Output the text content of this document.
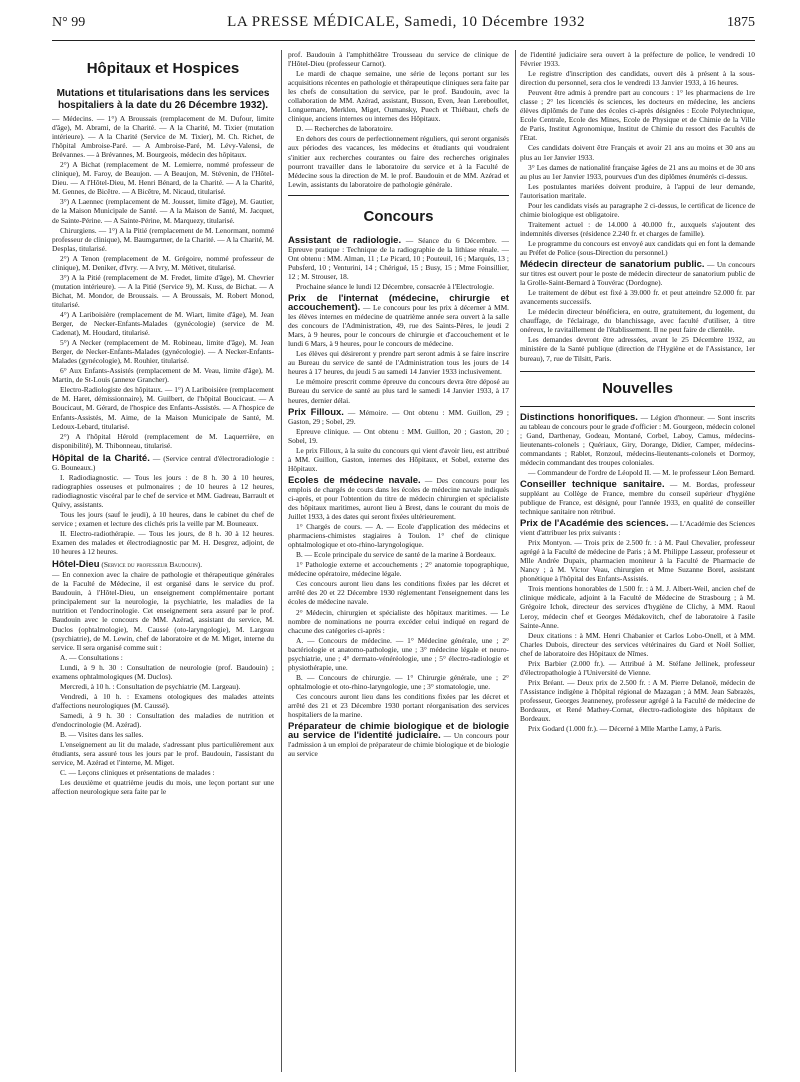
N° 99	LA PRESSE MÉDICALE, Samedi, 10 Décembre 1932	1875
Hôpitaux et Hospices
Mutations et titularisations dans les services hospitaliers à la date du 26 Décembre 1932).

— Médecins. — 1°) A Broussais (remplacement de M. Dufour, limite d'âge), M. Abrami, de la Charité. — A la Charité, M. Tixier (mutation intérieure). — A la Charité (Service de M. Tixier), M. Ch. Richet, de l'hôpital Ambroise-Paré. — A Ambroise-Paré, M. Lévy-Valensi, de Brévannes. — à Brévannes, M. Bourgeois, médecin des hôpitaux.

2°) A Bichat (remplacement de M. Lemierre, nommé professeur de clinique), M. Faroy, de Beaujon. — A Beaujon, M. Stévenin, de l'Hôtel-Dieu. — A l'Hôtel-Dieu, M. Henri Bénard, de la Charité. — A la Charité, M. Gennes, de Bicêtre. — A Bicêtre, M. Nicaud, titularisé.

3°) A Laennec (remplacement de M. Jousset, limite d'âge), M. Gautier, de la Maison Municipale de Santé. — A la Maison de Santé, M. Jacquet, de Sainte-Périne. — A Sainte-Périne, M. Marquezy, titularisé.

Chirurgiens. — 1°) A la Pitié (remplacement de M. Lenormant, nommé professeur de clinique), M. Baumgartner, de la Charité. — A la Charité, M. Desplas, titularisé.

2°) A Tenon (remplacement de M. Grégoire, nommé professeur de clinique), M. Deniker, d'Ivry. — A Ivry, M. Métivet, titularisé.

3°) A la Pitié (remplacement de M. Fredet, limite d'âge), M. Chevrier (mutation intérieure). — A la Pitié (Service 9), M. Kuss, de Bichat. — A Bichat, M. Mondor, de Broussais. — A Broussais, M. Robert Monod, titularisé.

4°) A Lariboisière (remplacement de M. Wiart, limite d'âge), M. Jean Berger, de Necker-Enfants-Malades (gynécologie) (service de M. Cadenat), M. Houdard, titularisé.

5°) A Necker (remplacement de M. Robineau, limite d'âge), M. Jean Berger, de Necker-Enfants-Malades (gynécologie). — A Necker-Enfants-Malades (gynécologie), M. Rouhier, titularisé.

6° Aux Enfants-Assistés (remplacement de M. Veau, limite d'âge), M. Martin, de St-Louis (annexe Grancher).

Electro-Radiologiste des hôpitaux. — 1°) A Lariboisière (remplacement de M. Haret, démissionnaire), M. Guilbert, de l'hôpital Boucicaut. — A Boucicaut, M. Gérard, de l'hospice des Enfants-Assistés. — A l'hospice de Enfants-Assistés, M. Aime, de la Maison Municipale de Santé, M. Ledoux-Lebard, titularisé.

2°) A l'hôpital Hérold (remplacement de M. Laquerrière, en disponibilité), M. Thibonneau, titularisé.

Hôpital de la Charité. — (Service central d'électroradiologie : G. Bouneaux.)

I. Radiodiagnostic. — Tous les jours : de 8 h. 30 à 10 heures, radiographies osseuses et pulmonaires ; de 10 heures à 12 heures, radiodiagnostic viscéral par le chef de service et MM. Gadreau, Barrault et Quivy, assistants.

Tous les jours (sauf le jeudi), à 10 heures, dans le cabinet du chef de service ; examen et lecture des clichés pris la veille par M. Bouneaux.

II. Electro-radiothérapie. — Tous les jours, de 8 h. 30 à 12 heures. Examen des malades et électrodiagnostic par M. H. Desgrez, adjoint, de 10 heures à 12 heures.

Hôtel-Dieu (Service du professeur Baudouin).

— En connexion avec la chaire de pathologie et thérapeutique générales de la Faculté de Médecine, il est organisé dans le service du prof. Baudouin, à l'Hôtel-Dieu, un enseignement complémentaire portant principalement sur la neurologie, la psychiatrie, les maladies de la nutrition et l'endocrinologie. Cet enseignement sera assuré par le prof. Baudouin avec le concours de MM. Azérad, assistant du service, M. Duclos (ophtalmologie), M. Caussé (oto-laryngologie), M. Largeau (psychiatrie), de M. Lewin, chef de laboratoire et de M. Miget, interne du service. Il sera organisé comme suit :

A. — Consultations :

Lundi, à 9 h. 30 : Consultation de neurologie (prof. Baudouin) ; examens ophtalmologiques (M. Duclos).

Mercredi, à 10 h. : Consultation de psychiatrie (M. Largeau).

Vendredi, à 10 h. : Examens otologiques des malades atteints d'affections neurologiques (M. Caussé).

Samedi, à 9 h. 30 : Consultation des maladies de nutrition et d'endocrinologie (M. Azérad).

B. — Visites dans les salles.

L'enseignement au lit du malade, s'adressant plus particulièrement aux étudiants, sera assuré tous les jours par le prof. Baudouin, l'assistant du service, M. Azérad et l'interne, M. Miget.

C. — Leçons cliniques et présentations de malades :

Les deuxième et quatrième jeudis du mois, une leçon portant sur une affection neurologique sera faite par le

prof. Baudouin à l'amphithéâtre Trousseau du service de clinique de l'Hôtel-Dieu (professeur Carnot).

Le mardi de chaque semaine, une série de leçons portant sur les acquisitions récentes en pathologie et thérapeutique cliniques sera faite par les chefs de consultation du service, par le prof. Baudouin, avec la collaboration de MM. Azérad, assistant, Busson, Even, Jean Lereboullet, Longuemare, Merklen, Miget, Oumansky, Puech et Thiébaut, chefs de clinique, anciens internes ou internes des Hôpitaux.

D. — Recherches de laboratoire.

En dehors des cours de perfectionnement réguliers, qui seront organisés aux périodes des vacances, les médecins et étudiants qui voudraient s'initier aux recherches courantes ou faire des recherches originales pourront travailler dans le laboratoire du service et à la Faculté de Médecine sous la direction de M. le prof. Baudouin et de MM. Azérad et Lewin, assistants du laboratoire de pathologie générale.

Concours

Assistant de radiologie. — Séance du 6 Décembre. — Epreuve pratique : Technique de la radiographie de la lithiase rénale. — Ont obtenu : MM. Alman, 11 ; Le Picard, 10 ; Pouteuil, 16 ; Marquès, 13 ; Pubsferd, 10 ; Venturini, 14 ; Chérigué, 15 ; Busy, 15 ; Mme Foinsillier, 12 ; M. Strouser, 18.

Prochaine séance le lundi 12 Décembre, consacrée à l'Electrologie.

Prix de l'internat (médecine, chirurgie et accouchement). — Le concours pour les prix à décerner à MM. les élèves internes en médecine de quatrième année sera ouvert à la salle des concours de l'Administration, 49, rue des Saints-Pères, le jeudi 2 Mars, à 9 heures, pour le concours de chirurgie et d'accouchement et le lundi 6 Mars, à 9 heures, pour le concours de médecine.

Les élèves qui désireront y prendre part seront admis à se faire inscrire au Bureau du service de santé de l'Administration tous les jours de 14 heures à 17 heures, du jeudi 5 au samedi 14 Janvier 1933 inclusivement.

Le mémoire prescrit comme épreuve du concours devra être déposé au Bureau du service de santé au plus tard le samedi 14 Janvier 1933, à 17 heures, dernier délai.

Prix Filloux. — Mémoire. — Ont obtenu : MM. Guillon, 29 ; Gaston, 29 ; Sobel, 29.

Epreuve clinique. — Ont obtenu : MM. Guillon, 20 ; Gaston, 20 ; Sobel, 19.

Le prix Filloux, à la suite du concours qui vient d'avoir lieu, est attribué à MM. Guillon, Gaston, internes des Hôpitaux, et Sobel, externe des Hôpitaux.

Ecoles de médecine navale. — Des concours pour les emplois de chargés de cours dans les écoles de médecine navale indiqués ci-après, et pour l'obtention du titre de médecin chirurgien et spécialiste des hôpitaux maritimes, auront lieu à Brest, dans le courant du mois de Juillet 1933, à des dates qui seront fixées ultérieurement.

1° Chargés de cours. — A. — Ecole d'application des médecins et pharmaciens-chimistes stagiaires à Toulon. 1° chef de clinique ophtalmologique et oto-rhino-laryngologique.

B. — Ecole principale du service de santé de la marine à Bordeaux.

1° Pathologie externe et accouchements ; 2° anatomie topographique, médecine opératoire, médecine légale.

Ces concours auront lieu dans les conditions fixées par les décret et arrêté des 20 et 22 Décembre 1930 réglementant l'enseignement dans les écoles de médecine navale.

2° Médecin, chirurgien et spécialiste des hôpitaux maritimes. — Le nombre de nominations ne pourra excéder celui indiqué en regard de chacune des catégories ci-après :

A. — Concours de médecine. — 1° Médecine générale, une ; 2° bactériologie et anatomo-pathologie, une ; 3° médecine légale et neuro-psychiatrie, une ; 4° dermato-vénéréologie, une ; 5° électro-radiologie et physiothérapie, une.

B. — Concours de chirurgie. — 1° Chirurgie générale, une ; 2° ophtalmologie et oto-rhino-laryngologie, une ; 3° stomatologie, une.

Ces concours auront lieu dans les conditions fixées par les décret et arrêté des 21 et 23 Décembre 1930 portant réorganisation des services hospitaliers de la marine.

Préparateur de chimie biologique et de biologie au service de l'identité judiciaire. — Un concours pour l'admission à un emploi de préparateur de chimie biologique et de biologie au service

de l'identité judiciaire sera ouvert à la préfecture de police, le vendredi 10 Février 1933.

Le registre d'inscription des candidats, ouvert dès à présent à la sous-direction du personnel, sera clos le vendredi 13 Janvier 1933, à 16 heures.

Peuvent être admis à prendre part au concours : 1° les pharmaciens de 1re classe ; 2° les licenciés ès sciences, les docteurs en médecine, les anciens élèves diplômés de l'une des écoles ci-après désignées : Ecole Polytechnique, Ecole Centrale, Ecole des Mines, Ecole de Physique et de Chimie de la Ville de Paris, Institut Agronomique, Institut de Chimie du ressort des Facultés de l'Etat.

Ces candidats doivent être Français et avoir 21 ans au moins et 30 ans au plus au 1er Janvier 1933.

3° Les dames de nationalité française âgées de 21 ans au moins et de 30 ans au plus au 1er Janvier 1933, pourvues d'un des diplômes énumérés ci-dessus.

Les postulantes mariées doivent produire, à l'appui de leur demande, l'autorisation maritale.

Pour les candidats visés au paragraphe 2 ci-dessus, le certificat de licence de chimie biologique est obligatoire.

Traitement actuel : de 14.000 à 40.000 fr., auxquels s'ajoutent des indemnités diverses (résidence 2.240 fr. et charges de famille).

Le programme du concours est envoyé aux candidats qui en font la demande au Préfet de Police (sous-Direction du personnel.)

Médecin directeur de sanatorium public. — Un concours sur titres est ouvert pour le poste de médecin directeur de sanatorium public de la Grolle-Saint-Bernard à Touvérac (Dordogne).

Le traitement de début est fixé à 39.000 fr. et peut atteindre 52.000 fr. par avancements successifs.

Le médecin directeur bénéficiera, en outre, gratuitement, du logement, du chauffage, de l'éclairage, du blanchissage, avec faculté d'utiliser, à titre onéreux, le ravitaillement de l'établissement. Il ne peut faire de clientèle.

Les demandes devront être adressées, avant le 25 Décembre 1932, au ministère de la Santé publique (direction de l'Hygiène et de l'Assistance, 1er bureau), 7, rue de Tilsitt, Paris.

Nouvelles

Distinctions honorifiques. — Légion d'honneur. — Sont inscrits au tableau de concours pour le grade d'officier : M. Gourgeon, médecin colonel ; Gand, Darthenay, Godeau, Montané, Corbel, Laboy, Camus, médecins-lieutenants-colonels ; Quériaux, Giry, Dorange, Didier, Camper, médecins-commandants ; Rablet, Ronzoul, médecins-lieutenants-colonels et Dormoy, médecin commandant des troupes coloniales.

— Commandeur de l'ordre de Léopold II. — M. le professeur Léon Bernard.

Conseiller technique sanitaire. — M. Bordas, professeur suppléant au Collège de France, membre du conseil supérieur d'hygiène publique de France, est désigné, pour l'année 1933, en qualité de conseiller technique sanitaire non rétribué.

Prix de l'Académie des sciences. — L'Académie des Sciences vient d'attribuer les prix suivants :

Prix Montyon. — Trois prix de 2.500 fr. : à M. Paul Chevalier, professeur agrégé à la Faculté de médecine de Paris ; à M. Philippe Lasseur, professeur et Mlle Andrée Dupaix, pharmacien moniteur à la Faculté de Pharmacie de Nancy ; à M. Victor Veau, chirurgien et Mme Suzanne Borel, assistant phonétique à l'hôpital des Enfants-Assistés.

Trois mentions honorables de 1.500 fr. : à M. J. Albert-Weil, ancien chef de clinique médicale, adjoint à la Faculté de Médecine de Strasbourg ; à M. Grégoire Ichok, directeur des services d'hygiène de Clichy, à MM. Raoul Leroy, médecin chef et Georges Médakovitch, chef de laboratoire à l'asile Sainte-Anne.

Deux citations : à MM. Henri Chabanier et Carlos Lobo-Onell, et à MM. Charles Dubois, directeur des services vétérinaires du Gard et Noël Sollier, chef de laboratoire des Hôpitaux de Nîmes.

Prix Barbier (2.000 fr.). — Attribué à M. Stéfane Jellinek, professeur d'électropathologie à l'Université de Vienne.

Prix Bréant. — Deux prix de 2.500 fr. : A M. Pierre Delanoë, médecin de l'Assistance indigène à l'hôpital régional de Mazagan ; à MM. Jean Sabrazès, professeur, Georges Jeanneney, professeur agrégé à la Faculté de médecine de Bordeaux, et René Mathey-Cornat, électro-radiologiste des hôpitaux de Bordeaux.

Prix Godard (1.000 fr.). — Décerné à Mlle Marthe Lamy, à Paris.
